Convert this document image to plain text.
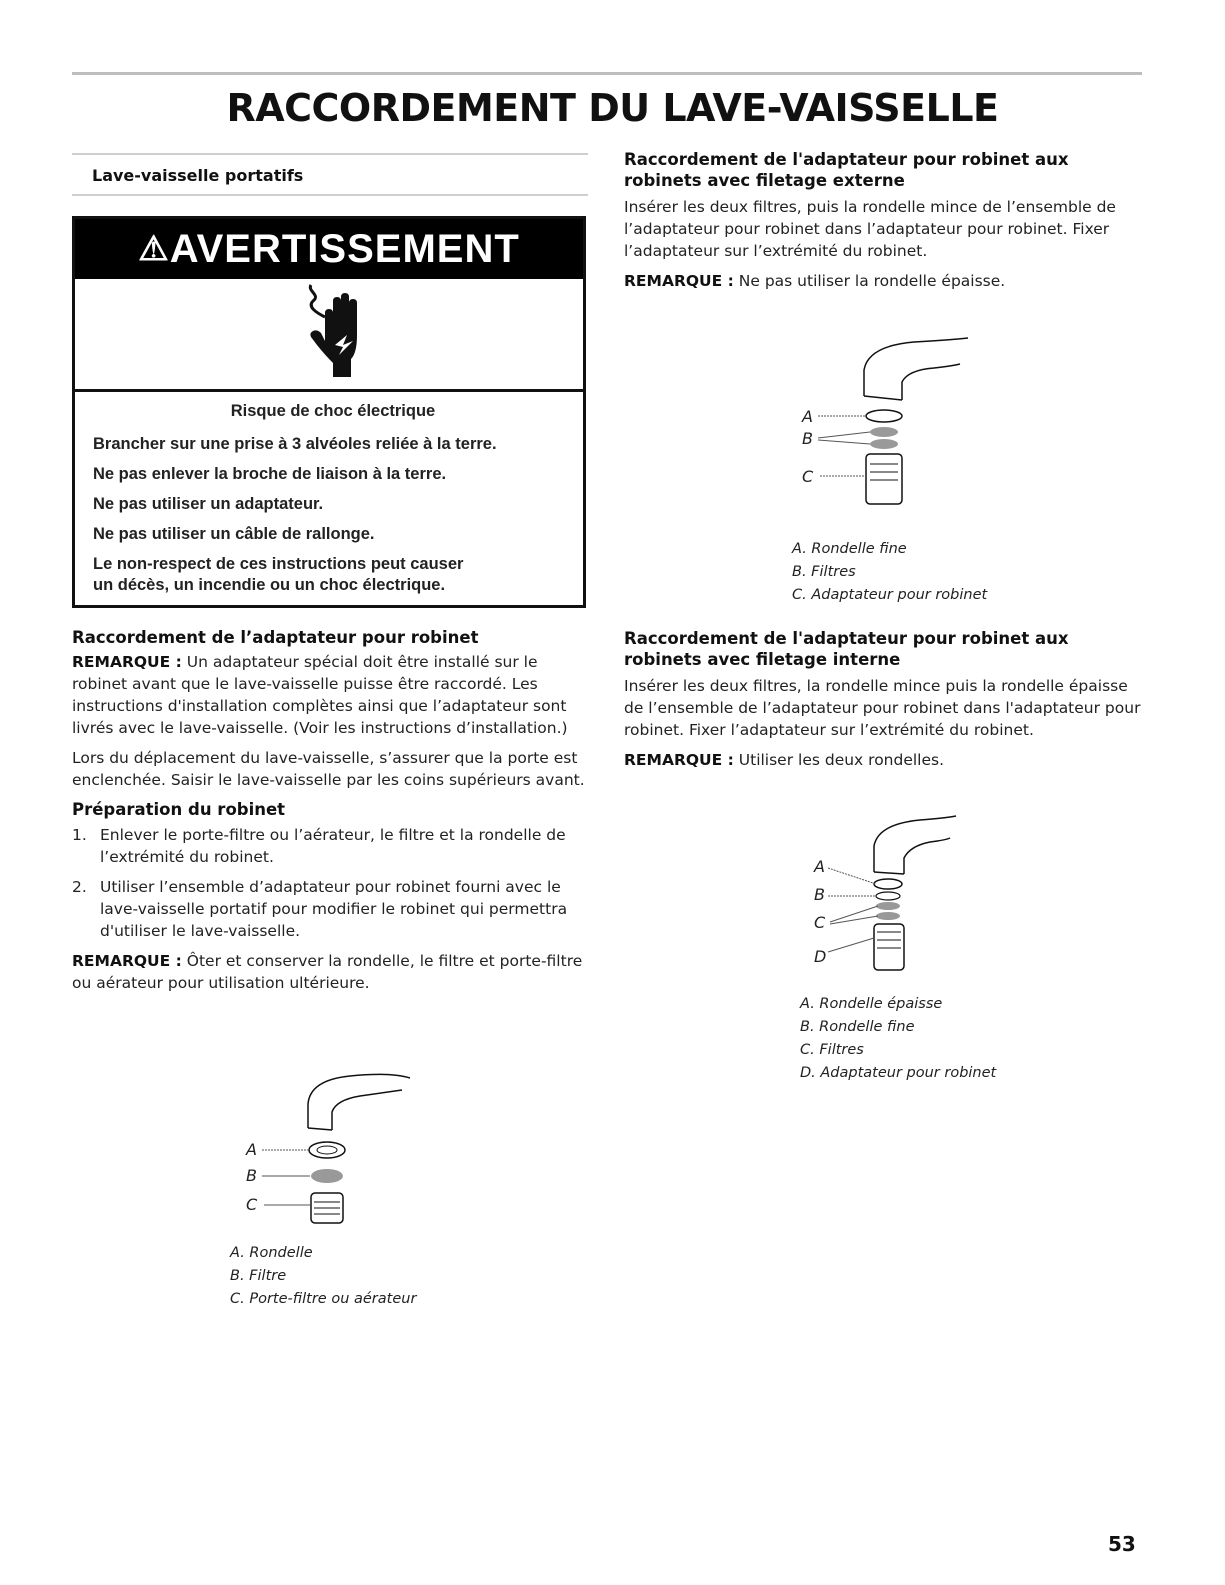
RACCORDEMENT DU LAVE-VAISSELLE
Lave-vaisselle portatifs
⚠AVERTISSEMENT
Risque de choc électrique
Brancher sur une prise à 3 alvéoles reliée à la terre.
Ne pas enlever la broche de liaison à la terre.
Ne pas utiliser un adaptateur.
Ne pas utiliser un câble de rallonge.
Le non-respect de ces instructions peut causer
un décès, un incendie ou un choc électrique.
Raccordement de l’adaptateur pour robinet

REMARQUE : Un adaptateur spécial doit être installé sur le robinet avant que le lave-vaisselle puisse être raccordé. Les instructions d'installation complètes ainsi que l’adaptateur sont livrés avec le lave-vaisselle. (Voir les instructions d’installation.)

Lors du déplacement du lave-vaisselle, s’assurer que la porte est enclenchée. Saisir le lave-vaisselle par les coins supérieurs avant.

Préparation du robinet
1. Enlever le porte-filtre ou l’aérateur, le filtre et la rondelle de l’extrémité du robinet.
2. Utiliser l’ensemble d’adaptateur pour robinet fourni avec le lave-vaisselle portatif pour modifier le robinet qui permettra d'utiliser le lave-vaisselle.

REMARQUE : Ôter et conserver la rondelle, le filtre et porte-filtre ou aérateur pour utilisation ultérieure.

A
B
C
A. Rondelle
B. Filtre
C. Porte-filtre ou aérateur
Raccordement de l'adaptateur pour robinet aux robinets avec filetage externe

Insérer les deux filtres, puis la rondelle mince de l’ensemble de l’adaptateur pour robinet dans l’adaptateur pour robinet. Fixer l’adaptateur sur l’extrémité du robinet.

REMARQUE : Ne pas utiliser la rondelle épaisse.

A
B
C
A. Rondelle fine
B. Filtres
C. Adaptateur pour robinet
Raccordement de l'adaptateur pour robinet aux robinets avec filetage interne

Insérer les deux filtres, la rondelle mince puis la rondelle épaisse de l’ensemble de l’adaptateur pour robinet dans l'adaptateur pour robinet. Fixer l’adaptateur sur l’extrémité du robinet.

REMARQUE : Utiliser les deux rondelles.

A
B
C
D
A. Rondelle épaisse
B. Rondelle fine
C. Filtres
D. Adaptateur pour robinet
53
